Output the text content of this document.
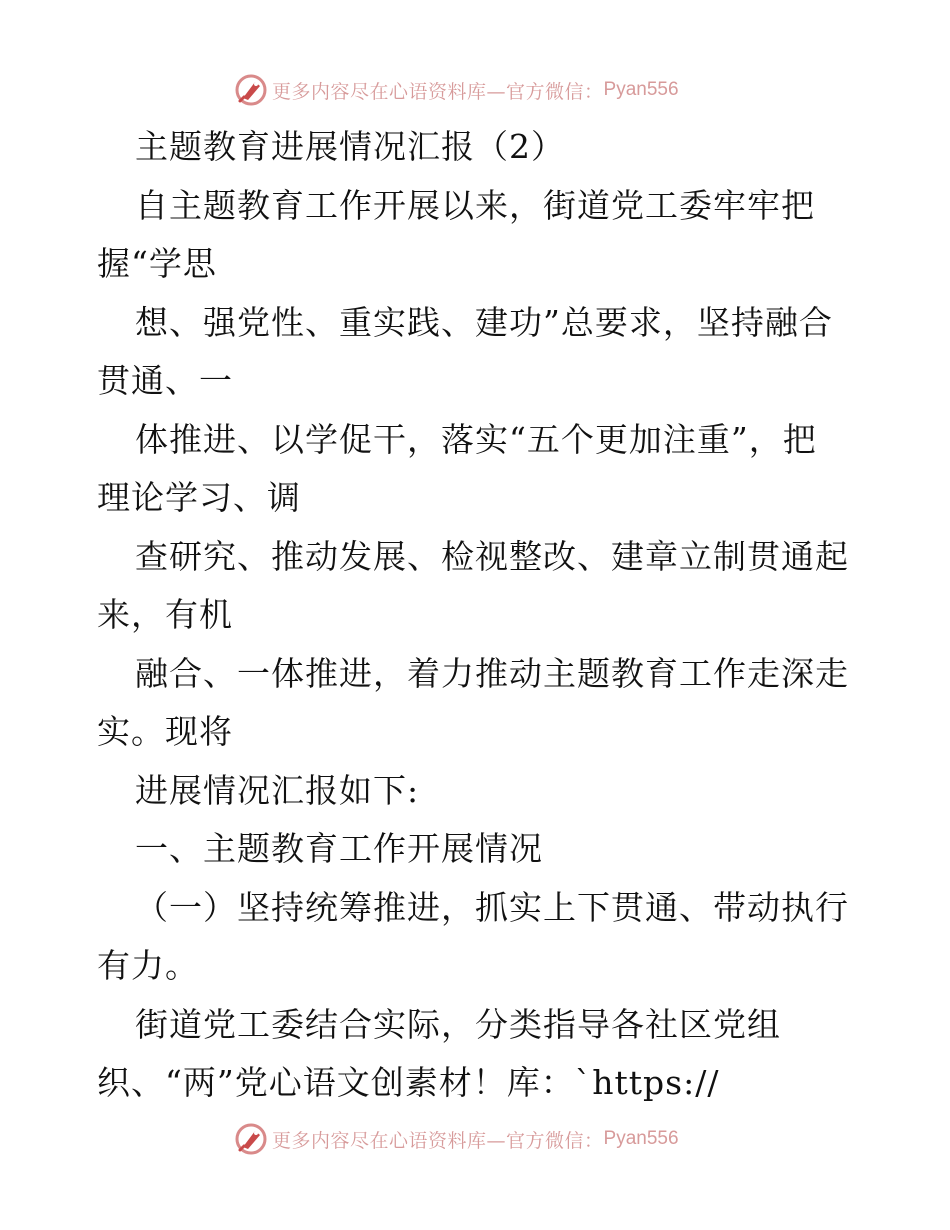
更多内容尽在心语资料库—官方微信： Pyan556
主题教育进展情况汇报（2）
自主题教育工作开展以来，街道党工委牢牢把
握“学思
想、强党性、重实践、建功”总要求，坚持融合
贯通、一
体推进、以学促干，落实“五个更加注重”，把
理论学习、调
查研究、推动发展、检视整改、建章立制贯通起
来，有机
融合、一体推进，着力推动主题教育工作走深走
实。现将
进展情况汇报如下:
一、主题教育工作开展情况
（一）坚持统筹推进，抓实上下贯通、带动执行
有力。
街道党工委结合实际，分类指导各社区党组
织、“两”党心语文创素材！库：`https://
更多内容尽在心语资料库—官方微信： Pyan556
